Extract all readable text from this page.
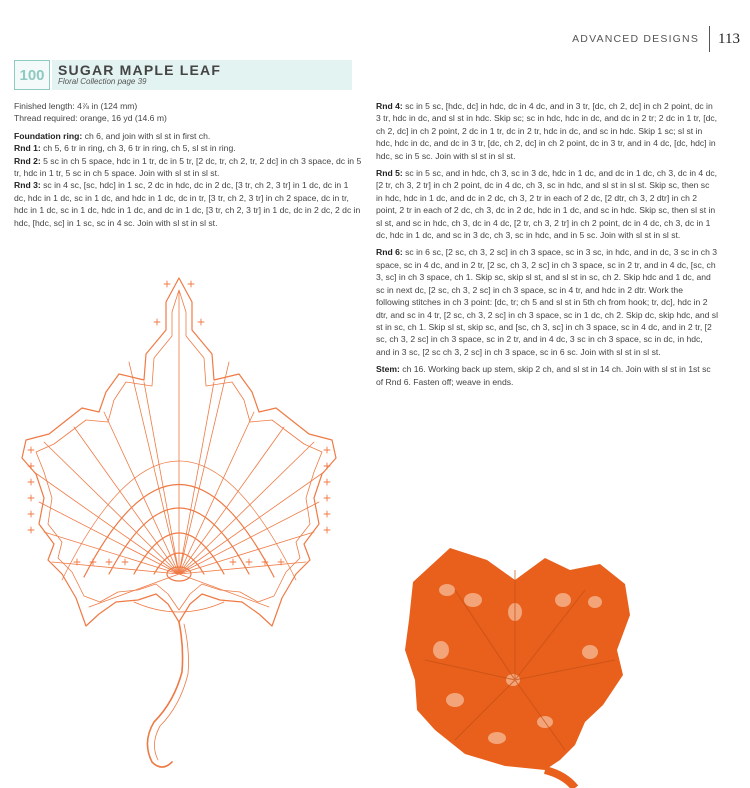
ADVANCED DESIGNS 113
100 SUGAR MAPLE LEAF
Floral Collection page 39
Finished length: 4⅞ in (124 mm)
Thread required: orange, 16 yd (14.6 m)
Foundation ring: ch 6, and join with sl st in first ch.
Rnd 1: ch 5, 6 tr in ring, ch 3, 6 tr in ring, ch 5, sl st in ring.
Rnd 2: 5 sc in ch 5 space, hdc in 1 tr, dc in 5 tr, [2 dc, tr, ch 2, tr, 2 dc] in ch 3 space, dc in 5 tr, hdc in 1 tr, 5 sc in ch 5 space. Join with sl st in sl st.
Rnd 3: sc in 4 sc, [sc, hdc] in 1 sc, 2 dc in hdc, dc in 2 dc, [3 tr, ch 2, 3 tr] in 1 dc, dc in 1 dc, hdc in 1 dc, sc in 1 dc, and hdc in 1 dc, dc in tr, [3 tr, ch 2, 3 tr] in ch 2 space, dc in tr, hdc in 1 dc, sc in 1 dc, hdc in 1 dc, and dc in 1 dc, [3 tr, ch 2, 3 tr] in 1 dc, dc in 2 dc, 2 dc in hdc, [hdc, sc] in 1 sc, sc in 4 sc. Join with sl st in sl st.
Rnd 4: sc in 5 sc, [hdc, dc] in hdc, dc in 4 dc, and in 3 tr, [dc, ch 2, dc] in ch 2 point, dc in 3 tr, hdc in dc, and sl st in hdc. Skip sc; sc in hdc, hdc in dc, and dc in 2 tr; 2 dc in 1 tr, [dc, ch 2, dc] in ch 2 point, 2 dc in 1 tr, dc in 2 tr, hdc in dc, and sc in hdc. Skip 1 sc; sl st in hdc, hdc in dc, and dc in 3 tr, [dc, ch 2, dc] in ch 2 point, dc in 3 tr, and in 4 dc, [dc, hdc] in hdc, sc in 5 sc. Join with sl st in sl st.
Rnd 5: sc in 5 sc, and in hdc, ch 3, sc in 3 dc, hdc in 1 dc, and dc in 1 dc, ch 3, dc in 4 dc, [2 tr, ch 3, 2 tr] in ch 2 point, dc in 4 dc, ch 3, sc in hdc, and sl st in sl st. Skip sc, then sc in hdc, hdc in 1 dc, and dc in 2 dc, ch 3, 2 tr in each of 2 dc, [2 dtr, ch 3, 2 dtr] in ch 2 point, 2 tr in each of 2 dc, ch 3, dc in 2 dc, hdc in 1 dc, and sc in hdc. Skip sc, then sl st in sl st, and sc in hdc, ch 3, dc in 4 dc, [2 tr, ch 3, 2 tr] in ch 2 point, dc in 4 dc, ch 3, dc in 1 dc, hdc in 1 dc, and sc in 3 dc, ch 3, sc in hdc, and in 5 sc. Join with sl st in sl st.
Rnd 6: sc in 6 sc, [2 sc, ch 3, 2 sc] in ch 3 space, sc in 3 sc, in hdc, and in dc, 3 sc in ch 3 space, sc in 4 dc, and in 2 tr, [2 sc, ch 3, 2 sc] in ch 3 space, sc in 2 tr, and in 4 dc, [sc, ch 3, sc] in ch 3 space, ch 1. Skip sc, skip sl st, and sl st in sc, ch 2. Skip hdc and 1 dc, and sc in next dc, [2 sc, ch 3, 2 sc] in ch 3 space, sc in 4 tr, and hdc in 2 dtr. Work the following stitches in ch 3 point: [dc, tr; ch 5 and sl st in 5th ch from hook; tr, dc], hdc in 2 dtr, and sc in 4 tr, [2 sc, ch 3, 2 sc] in ch 3 space, sc in 1 dc, ch 2. Skip dc, skip hdc, and sl st in sc, ch 1. Skip sl st, skip sc, and [sc, ch 3, sc] in ch 3 space, sc in 4 dc, and in 2 tr, [2 sc, ch 3, 2 sc] in ch 3 space, sc in 2 tr, and in 4 dc, 3 sc in ch 3 space, sc in dc, in hdc, and in 3 sc, [2 sc ch 3, 2 sc] in ch 3 space, sc in 6 sc. Join with sl st in sl st.
Stem: ch 16. Working back up stem, skip 2 ch, and sl st in 14 ch. Join with sl st in 1st sc of Rnd 6. Fasten off; weave in ends.
